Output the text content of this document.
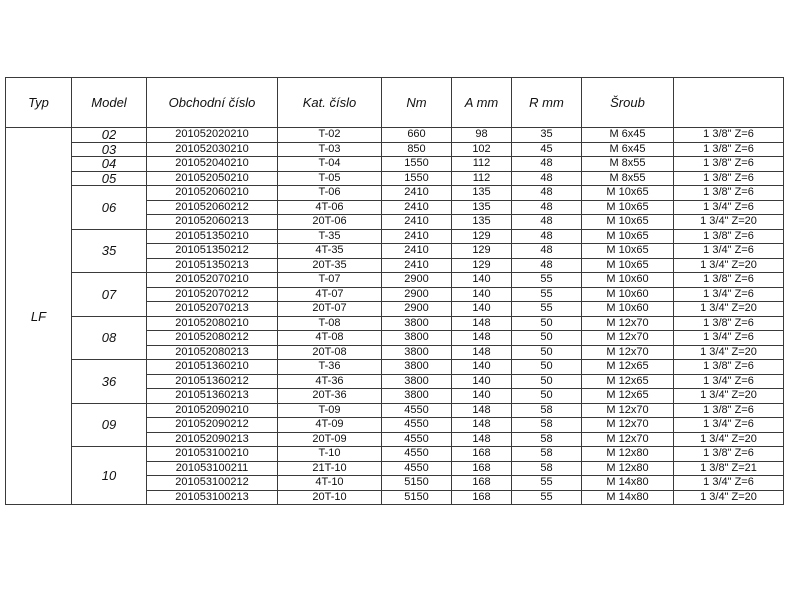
Typ	Model	Obchodní číslo	Kat. číslo	Nm	A mm	R mm	Šroub	
LF	02	201052020210	T-02	660	98	35	M 6x45	1 3/8" Z=6
	03	201052030210	T-03	850	102	45	M 6x45	1 3/8" Z=6
	04	201052040210	T-04	1550	112	48	M 8x55	1 3/8" Z=6
	05	201052050210	T-05	1550	112	48	M 8x55	1 3/8" Z=6
	06	201052060210	T-06	2410	135	48	M 10x65	1 3/8" Z=6
		201052060212	4T-06	2410	135	48	M 10x65	1 3/4" Z=6
		201052060213	20T-06	2410	135	48	M 10x65	1 3/4" Z=20
	35	201051350210	T-35	2410	129	48	M 10x65	1 3/8" Z=6
		201051350212	4T-35	2410	129	48	M 10x65	1 3/4" Z=6
		201051350213	20T-35	2410	129	48	M 10x65	1 3/4" Z=20
	07	201052070210	T-07	2900	140	55	M 10x60	1 3/8" Z=6
		201052070212	4T-07	2900	140	55	M 10x60	1 3/4" Z=6
		201052070213	20T-07	2900	140	55	M 10x60	1 3/4" Z=20
	08	201052080210	T-08	3800	148	50	M 12x70	1 3/8" Z=6
		201052080212	4T-08	3800	148	50	M 12x70	1 3/4" Z=6
		201052080213	20T-08	3800	148	50	M 12x70	1 3/4" Z=20
	36	201051360210	T-36	3800	140	50	M 12x65	1 3/8" Z=6
		201051360212	4T-36	3800	140	50	M 12x65	1 3/4" Z=6
		201051360213	20T-36	3800	140	50	M 12x65	1 3/4" Z=20
	09	201052090210	T-09	4550	148	58	M 12x70	1 3/8" Z=6
		201052090212	4T-09	4550	148	58	M 12x70	1 3/4" Z=6
		201052090213	20T-09	4550	148	58	M 12x70	1 3/4" Z=20
	10	201053100210	T-10	4550	168	58	M 12x80	1 3/8" Z=6
		201053100211	21T-10	4550	168	58	M 12x80	1 3/8" Z=21
		201053100212	4T-10	5150	168	55	M 14x80	1 3/4" Z=6
		201053100213	20T-10	5150	168	55	M 14x80	1 3/4" Z=20
